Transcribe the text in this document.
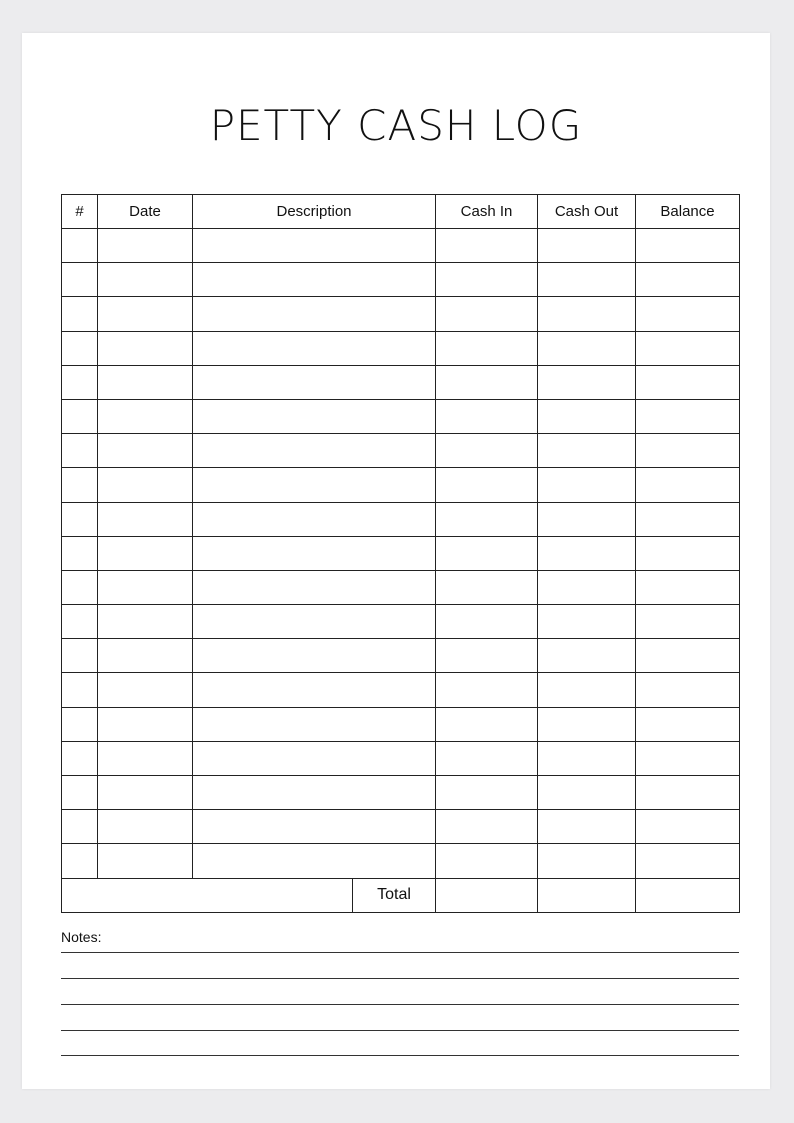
PETTY CASH LOG
#	Date	Description	Cash In	Cash Out	Balance

Total					

Notes:
